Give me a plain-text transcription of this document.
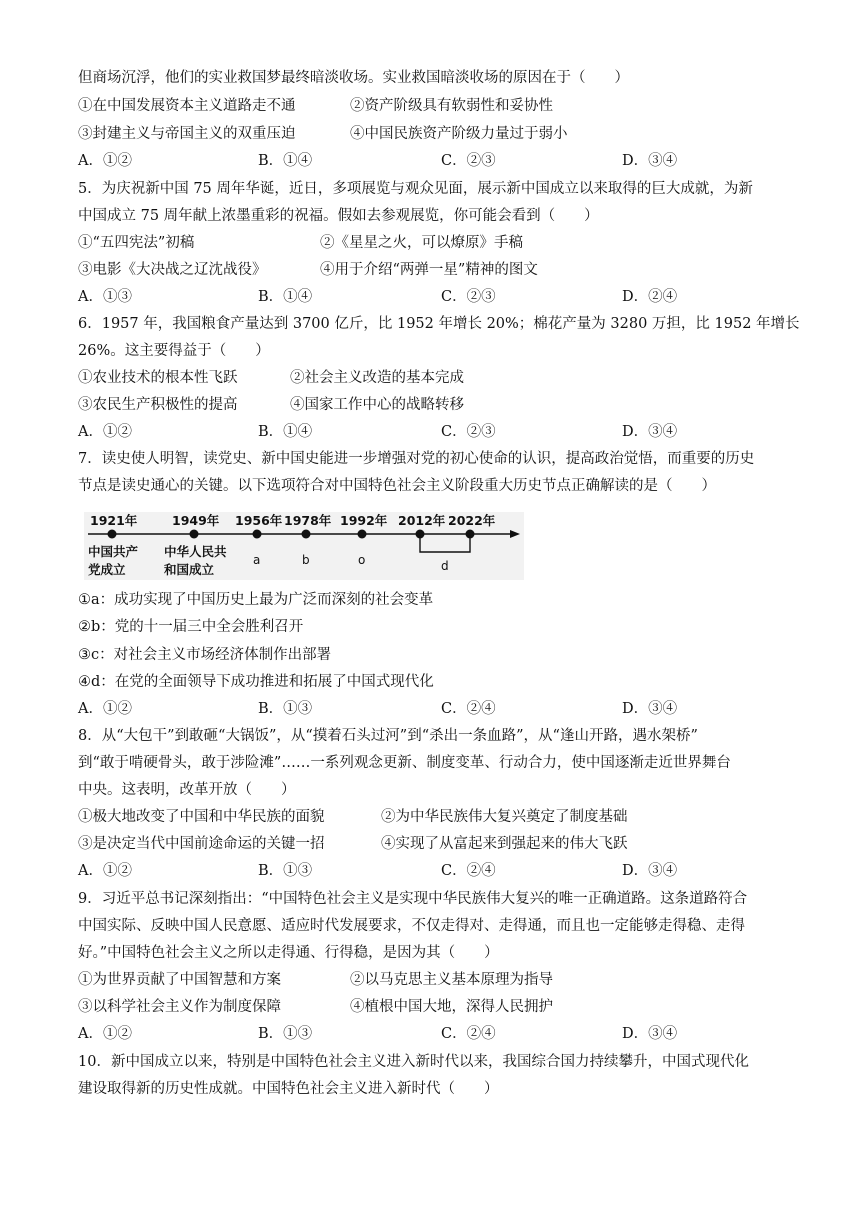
但商场沉浮，他们的实业救国梦最终暗淡收场。实业救国暗淡收场的原因在于（　　）
①在中国发展资本主义道路走不通	②资产阶级具有软弱性和妥协性
③封建主义与帝国主义的双重压迫	④中国民族资产阶级力量过于弱小
A．①②	B．①④	C．②③	D．③④
5．为庆祝新中国 75 周年华诞，近日，多项展览与观众见面，展示新中国成立以来取得的巨大成就，为新
中国成立 75 周年献上浓墨重彩的祝福。假如去参观展览，你可能会看到（　　）
①“五四宪法”初稿	②《星星之火，可以燎原》手稿
③电影《大决战之辽沈战役》	④用于介绍“两弹一星”精神的图文
A．①③	B．①④	C．②③	D．②④
6．1957 年，我国粮食产量达到 3700 亿斤，比 1952 年增长 20%；棉花产量为 3280 万担，比 1952 年增长
26%。这主要得益于（　　）
①农业技术的根本性飞跃	②社会主义改造的基本完成
③农民生产积极性的提高	④国家工作中心的战略转移
A．①②	B．①④	C．②③	D．③④
7．读史使人明智，读党史、新中国史能进一步增强对党的初心使命的认识，提高政治觉悟，而重要的历史
节点是读史通心的关键。以下选项符合对中国特色社会主义阶段重大历史节点正确解读的是（　　）
1921年	1949年 1956年 1978年 1992年 2012年 2022年
中国共产
党成立
中华人民共
和国成立
a	b	o	d
①a：成功实现了中国历史上最为广泛而深刻的社会变革
②b：党的十一届三中全会胜利召开
③c：对社会主义市场经济体制作出部署
④d：在党的全面领导下成功推进和拓展了中国式现代化
A．①②	B．①③	C．②④	D．③④
8．从“大包干”到敢砸“大锅饭”，从“摸着石头过河”到“杀出一条血路”，从“逢山开路，遇水架桥”
到“敢于啃硬骨头，敢于涉险滩”……一系列观念更新、制度变革、行动合力，使中国逐渐走近世界舞台
中央。这表明，改革开放（　　）
①极大地改变了中国和中华民族的面貌	②为中华民族伟大复兴奠定了制度基础
③是决定当代中国前途命运的关键一招	④实现了从富起来到强起来的伟大飞跃
A．①②	B．①③	C．②④	D．③④
9．习近平总书记深刻指出：“中国特色社会主义是实现中华民族伟大复兴的唯一正确道路。这条道路符合
中国实际、反映中国人民意愿、适应时代发展要求，不仅走得对、走得通，而且也一定能够走得稳、走得
好。”中国特色社会主义之所以走得通、行得稳，是因为其（　　）
①为世界贡献了中国智慧和方案	②以马克思主义基本原理为指导
③以科学社会主义作为制度保障	④植根中国大地，深得人民拥护
A．①②	B．①③	C．②④	D．③④
10．新中国成立以来，特别是中国特色社会主义进入新时代以来，我国综合国力持续攀升，中国式现代化
建设取得新的历史性成就。中国特色社会主义进入新时代（　　）
